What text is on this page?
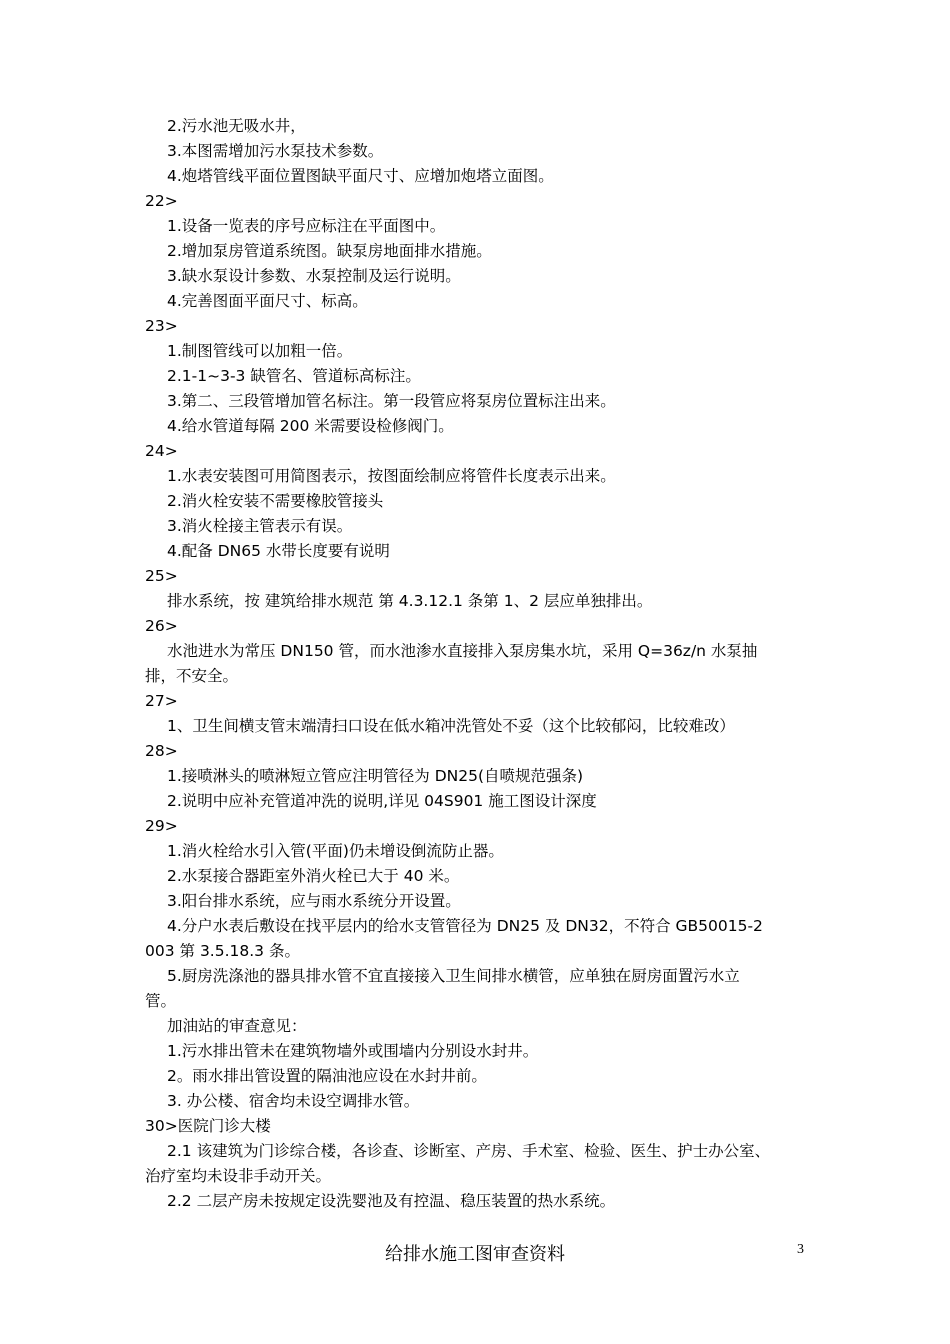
2.污水池无吸水井，
3.本图需增加污水泵技术参数。
4.炮塔管线平面位置图缺平面尺寸、应增加炮塔立面图。
22>
1.设备一览表的序号应标注在平面图中。
2.增加泵房管道系统图。缺泵房地面排水措施。
3.缺水泵设计参数、水泵控制及运行说明。
4.完善图面平面尺寸、标高。
23>
1.制图管线可以加粗一倍。
2.1-1~3-3 缺管名、管道标高标注。
3.第二、三段管增加管名标注。第一段管应将泵房位置标注出来。
4.给水管道每隔 200 米需要设检修阀门。
24>
1.水表安装图可用简图表示，按图面绘制应将管件长度表示出来。
2.消火栓安装不需要橡胶管接头
3.消火栓接主管表示有误。
4.配备 DN65 水带长度要有说明
25>
排水系统，按 建筑给排水规范 第 4.3.12.1 条第 1、2 层应单独排出。
26>
水池进水为常压 DN150 管，而水池渗水直接排入泵房集水坑，采用 Q=36z/n 水泵抽
排，不安全。
27>
1、卫生间横支管末端清扫口设在低水箱冲洗管处不妥（这个比较郁闷，比较难改）
28>
1.接喷淋头的喷淋短立管应注明管径为 DN25(自喷规范强条)
2.说明中应补充管道冲洗的说明,详见 04S901 施工图设计深度
29>
1.消火栓给水引入管(平面)仍未增设倒流防止器。
2.水泵接合器距室外消火栓已大于 40 米。
3.阳台排水系统，应与雨水系统分开设置。
4.分户水表后敷设在找平层内的给水支管管径为 DN25 及 DN32，不符合 GB50015-2
003 第 3.5.18.3 条。
5.厨房洗涤池的器具排水管不宜直接接入卫生间排水横管，应单独在厨房面置污水立
管。
加油站的审查意见：
1.污水排出管未在建筑物墙外或围墙内分别设水封井。
2。雨水排出管设置的隔油池应设在水封井前。
3. 办公楼、宿舍均未设空调排水管。
30>医院门诊大楼
2.1 该建筑为门诊综合楼，各诊查、诊断室、产房、手术室、检验、医生、护士办公室、
治疗室均未设非手动开关。
2.2 二层产房未按规定设洗婴池及有控温、稳压装置的热水系统。
给排水施工图审查资料	3
